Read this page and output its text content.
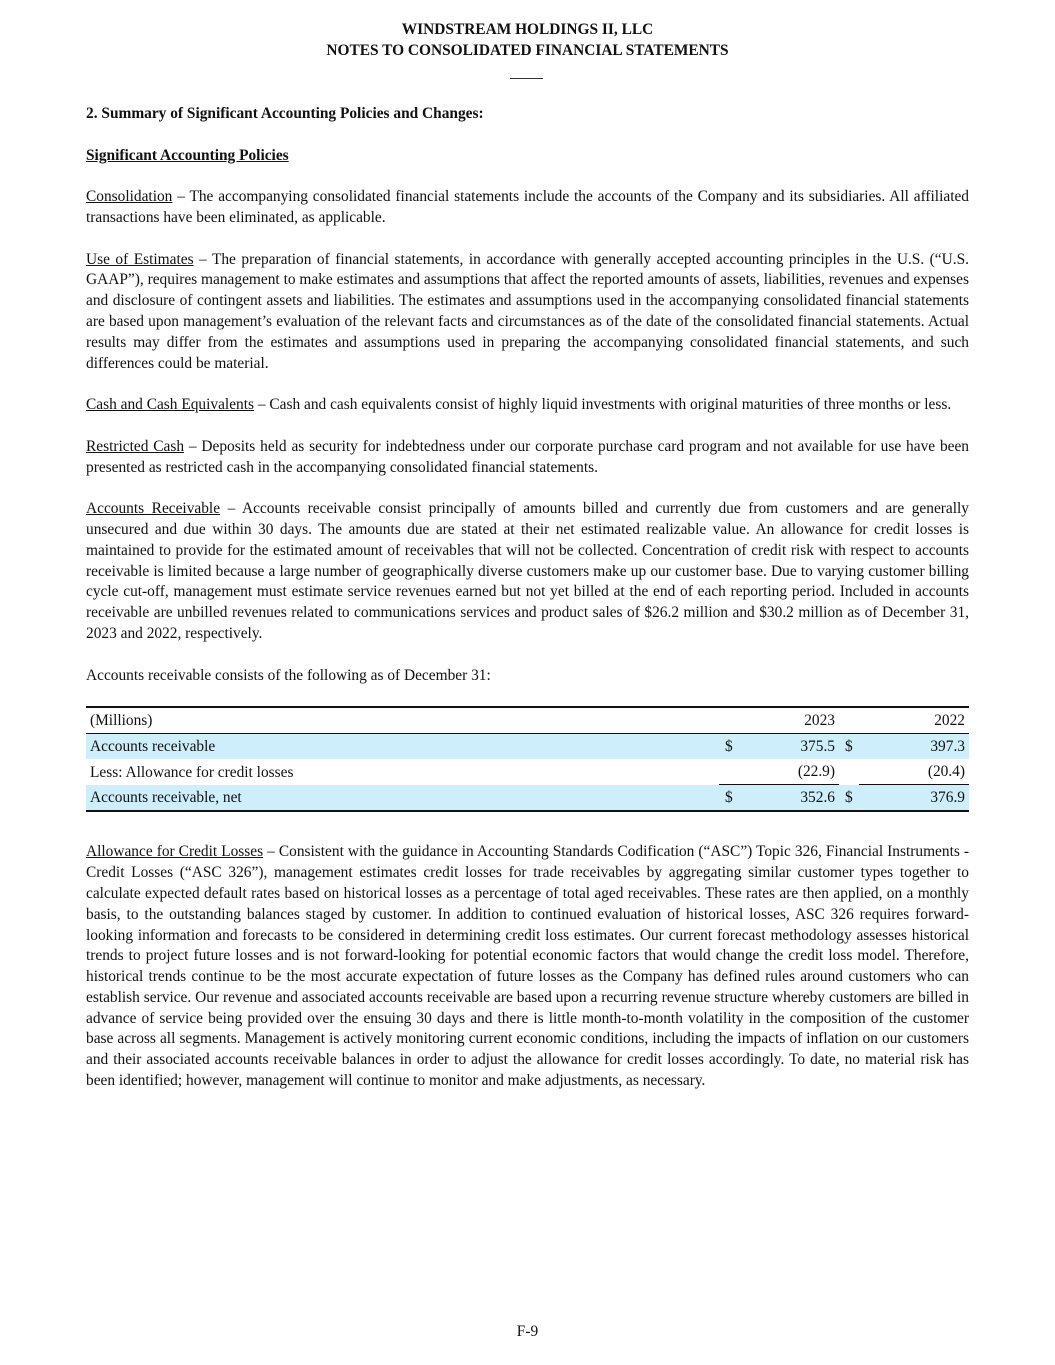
WINDSTREAM HOLDINGS II, LLC
NOTES TO CONSOLIDATED FINANCIAL STATEMENTS
2. Summary of Significant Accounting Policies and Changes:
Significant Accounting Policies

Consolidation – The accompanying consolidated financial statements include the accounts of the Company and its subsidiaries. All affiliated transactions have been eliminated, as applicable.

Use of Estimates – The preparation of financial statements, in accordance with generally accepted accounting principles in the U.S. (“U.S. GAAP”), requires management to make estimates and assumptions that affect the reported amounts of assets, liabilities, revenues and expenses and disclosure of contingent assets and liabilities. The estimates and assumptions used in the accompanying consolidated financial statements are based upon management’s evaluation of the relevant facts and circumstances as of the date of the consolidated financial statements. Actual results may differ from the estimates and assumptions used in preparing the accompanying consolidated financial statements, and such differences could be material.

Cash and Cash Equivalents – Cash and cash equivalents consist of highly liquid investments with original maturities of three months or less.

Restricted Cash – Deposits held as security for indebtedness under our corporate purchase card program and not available for use have been presented as restricted cash in the accompanying consolidated financial statements.

Accounts Receivable – Accounts receivable consist principally of amounts billed and currently due from customers and are generally unsecured and due within 30 days. The amounts due are stated at their net estimated realizable value. An allowance for credit losses is maintained to provide for the estimated amount of receivables that will not be collected. Concentration of credit risk with respect to accounts receivable is limited because a large number of geographically diverse customers make up our customer base. Due to varying customer billing cycle cut-off, management must estimate service revenues earned but not yet billed at the end of each reporting period. Included in accounts receivable are unbilled revenues related to communications services and product sales of $26.2 million and $30.2 million as of December 31, 2023 and 2022, respectively.

Accounts receivable consists of the following as of December 31:
(Millions)		2023		2022
Accounts receivable	$	375.5	$	397.3
Less: Allowance for credit losses		(22.9)		(20.4)
Accounts receivable, net	$	352.6	$	376.9

Allowance for Credit Losses – Consistent with the guidance in Accounting Standards Codification (“ASC”) Topic 326, Financial Instruments - Credit Losses (“ASC 326”), management estimates credit losses for trade receivables by aggregating similar customer types together to calculate expected default rates based on historical losses as a percentage of total aged receivables. These rates are then applied, on a monthly basis, to the outstanding balances staged by customer. In addition to continued evaluation of historical losses, ASC 326 requires forward-looking information and forecasts to be considered in determining credit loss estimates. Our current forecast methodology assesses historical trends to project future losses and is not forward-looking for potential economic factors that would change the credit loss model. Therefore, historical trends continue to be the most accurate expectation of future losses as the Company has defined rules around customers who can establish service. Our revenue and associated accounts receivable are based upon a recurring revenue structure whereby customers are billed in advance of service being provided over the ensuing 30 days and there is little month-to-month volatility in the composition of the customer base across all segments. Management is actively monitoring current economic conditions, including the impacts of inflation on our customers and their associated accounts receivable balances in order to adjust the allowance for credit losses accordingly. To date, no material risk has been identified; however, management will continue to monitor and make adjustments, as necessary.

F-9
